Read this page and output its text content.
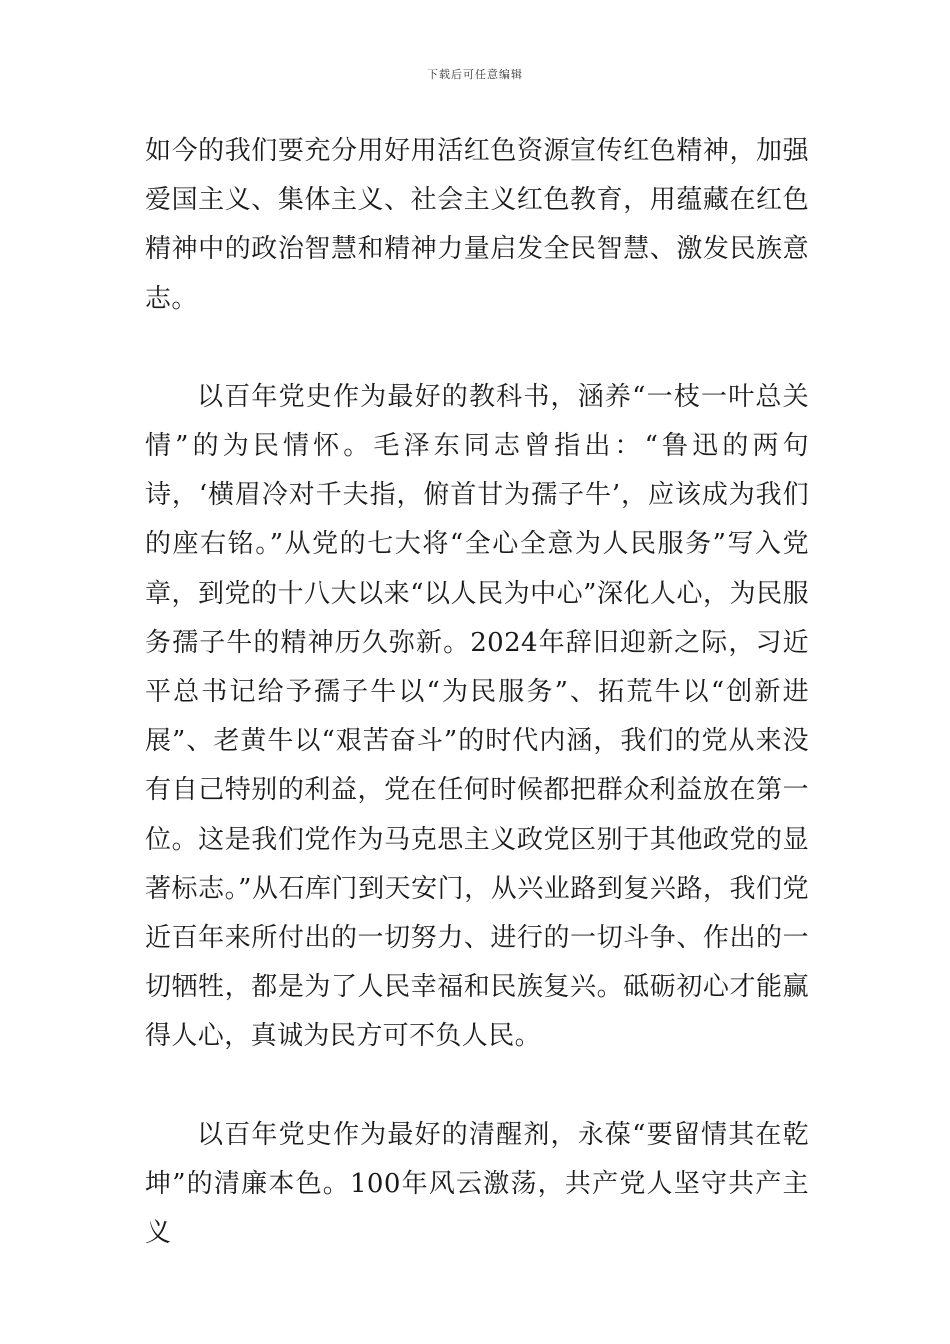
下载后可任意编辑

如今的我们要充分用好用活红色资源宣传红色精神，加强爱国主义、集体主义、社会主义红色教育，用蕴藏在红色精神中的政治智慧和精神力量启发全民智慧、激发民族意志。

以百年党史作为最好的教科书，涵养“一枝一叶总关情”的为民情怀。毛泽东同志曾指出：“鲁迅的两句诗，‘横眉冷对千夫指，俯首甘为孺子牛’，应该成为我们的座右铭。”从党的七大将“全心全意为人民服务”写入党章，到党的十八大以来“以人民为中心”深化人心，为民服务孺子牛的精神历久弥新。2024年辞旧迎新之际，习近平总书记给予孺子牛以“为民服务”、拓荒牛以“创新进展”、老黄牛以“艰苦奋斗”的时代内涵，我们的党从来没有自己特别的利益，党在任何时候都把群众利益放在第一位。这是我们党作为马克思主义政党区别于其他政党的显著标志。”从石库门到天安门，从兴业路到复兴路，我们党近百年来所付出的一切努力、进行的一切斗争、作出的一切牺牲，都是为了人民幸福和民族复兴。砥砺初心才能赢得人心，真诚为民方可不负人民。

以百年党史作为最好的清醒剂，永葆“要留情其在乾坤”的清廉本色。100年风云激荡，共产党人坚守共产主义
